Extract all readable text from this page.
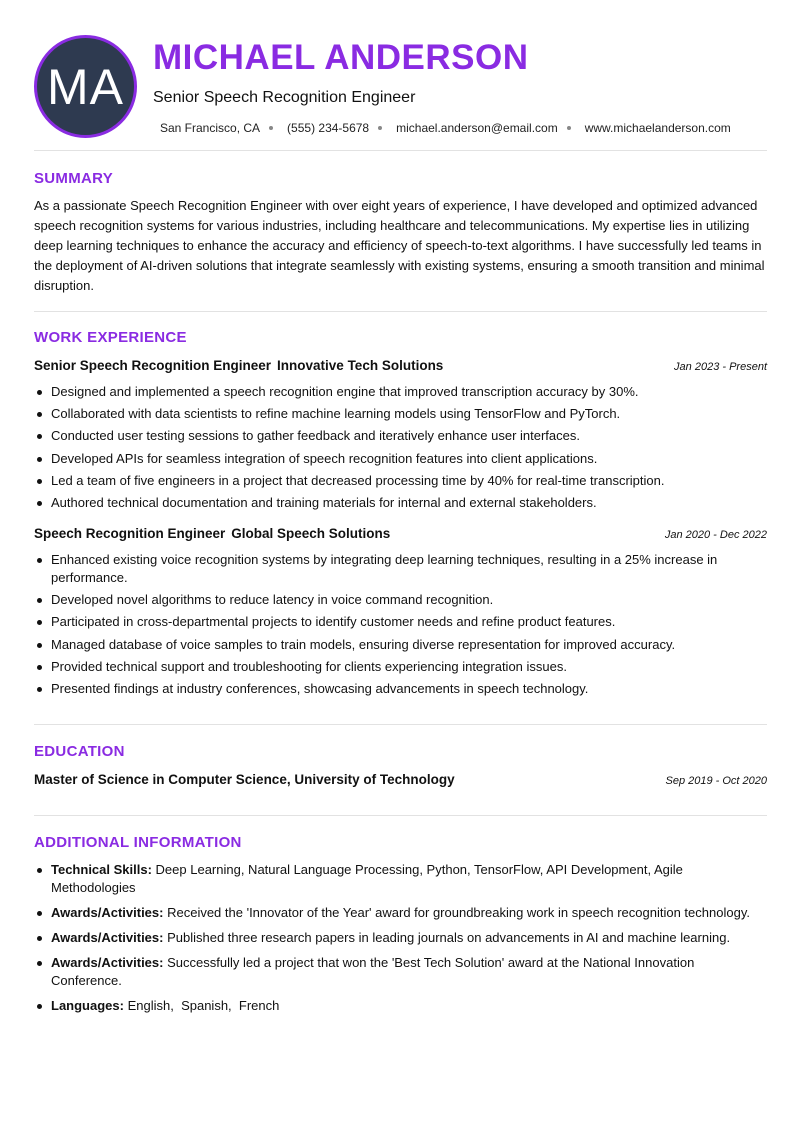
MA
MICHAEL ANDERSON
Senior Speech Recognition Engineer
San Francisco, CA (555) 234-5678 michael.anderson@email.com www.michaelanderson.com
SUMMARY
As a passionate Speech Recognition Engineer with over eight years of experience, I have developed and optimized advanced speech recognition systems for various industries, including healthcare and telecommunications. My expertise lies in utilizing deep learning techniques to enhance the accuracy and efficiency of speech-to-text algorithms. I have successfully led teams in the deployment of AI-driven solutions that integrate seamlessly with existing systems, ensuring a smooth transition and minimal disruption.
WORK EXPERIENCE
Senior Speech Recognition Engineer Innovative Tech Solutions	Jan 2023 - Present
Designed and implemented a speech recognition engine that improved transcription accuracy by 30%.
Collaborated with data scientists to refine machine learning models using TensorFlow and PyTorch.
Conducted user testing sessions to gather feedback and iteratively enhance user interfaces.
Developed APIs for seamless integration of speech recognition features into client applications.
Led a team of five engineers in a project that decreased processing time by 40% for real-time transcription.
Authored technical documentation and training materials for internal and external stakeholders.
Speech Recognition Engineer Global Speech Solutions	Jan 2020 - Dec 2022
Enhanced existing voice recognition systems by integrating deep learning techniques, resulting in a 25% increase in performance.
Developed novel algorithms to reduce latency in voice command recognition.
Participated in cross-departmental projects to identify customer needs and refine product features.
Managed database of voice samples to train models, ensuring diverse representation for improved accuracy.
Provided technical support and troubleshooting for clients experiencing integration issues.
Presented findings at industry conferences, showcasing advancements in speech technology.
EDUCATION
Master of Science in Computer Science, University of Technology	Sep 2019 - Oct 2020
ADDITIONAL INFORMATION
Technical Skills: Deep Learning, Natural Language Processing, Python, TensorFlow, API Development, Agile Methodologies
Awards/Activities: Received the 'Innovator of the Year' award for groundbreaking work in speech recognition technology.
Awards/Activities: Published three research papers in leading journals on advancements in AI and machine learning.
Awards/Activities: Successfully led a project that won the 'Best Tech Solution' award at the National Innovation Conference.
Languages: English,  Spanish,  French
